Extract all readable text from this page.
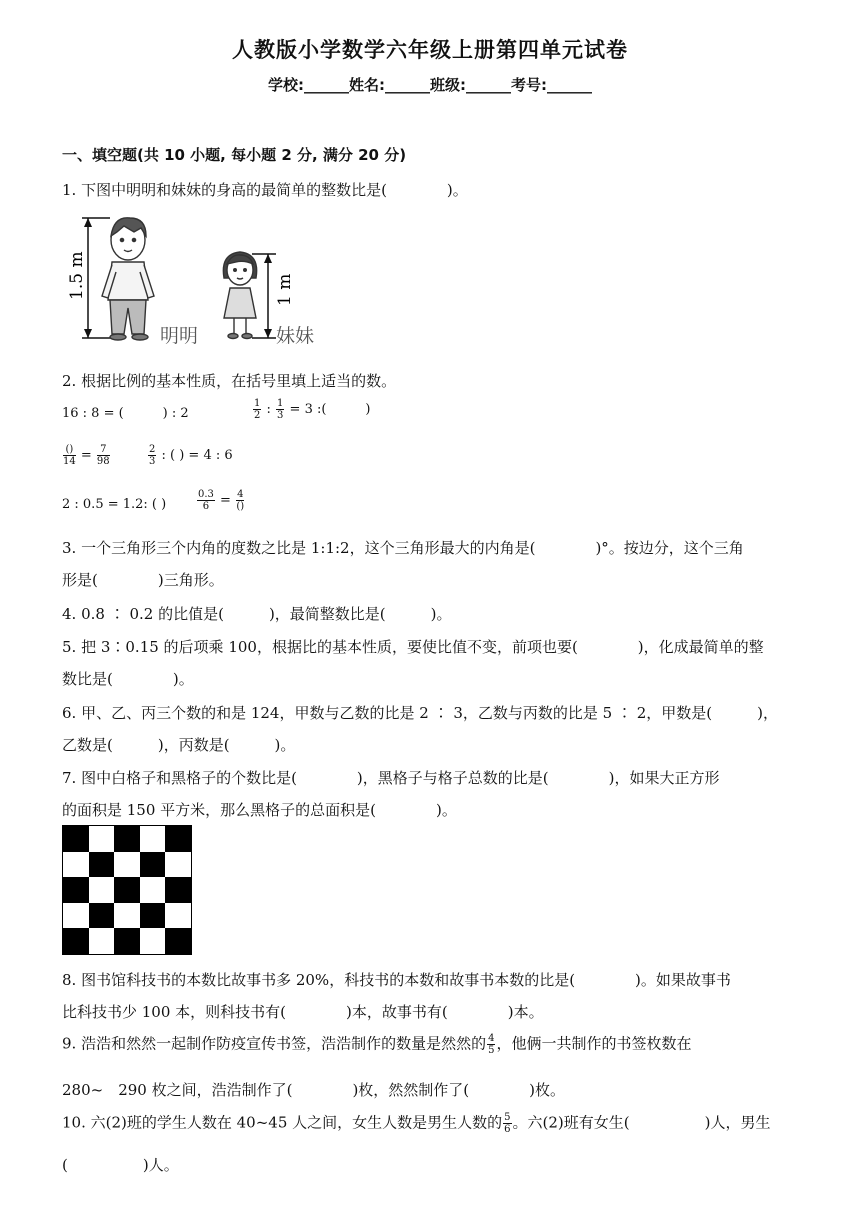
人教版小学数学六年级上册第四单元试卷
学校:______姓名:______班级:______考号:______
一、填空题(共 10 小题, 每小题 2 分, 满分 20 分)
1. 下图中明明和妹妹的身高的最简单的整数比是(　　　　)。
1.5 m
明明
1 m
妹妹
2. 根据比例的基本性质，在括号里填上适当的数。
16 : 8 = (　　　) : 2	$\frac{1}{2}$ : $\frac{1}{3} = 3$ :(　　　)
$\frac{()}{14} = \frac{7}{98}$	$\frac{2}{3}$ : ( ) = 4 : 6
2 : 0.5 = 1.2: ( )	$\frac{0.3}{6} = \frac{4}{()}$
3. 一个三角形三个内角的度数之比是 1:1:2，这个三角形最大的内角是(　　　　)°。按边分，这个三角
形是(　　　　)三角形。
4. 0.8 ∶ 0.2 的比值是(　　　)，最简整数比是(　　　)。
5. 把 3∶0.15 的后项乘 100，根据比的基本性质，要使比值不变，前项也要(　　　　)，化成最简单的整
数比是(　　　　)。
6. 甲、乙、丙三个数的和是 124，甲数与乙数的比是 2 ∶ 3，乙数与丙数的比是 5 ∶ 2，甲数是(　　　)，
乙数是(　　　)，丙数是(　　　)。
7. 图中白格子和黑格子的个数比是(　　　　)，黑格子与格子总数的比是(　　　　)，如果大正方形
的面积是 150 平方米，那么黑格子的总面积是(　　　　)。
8. 图书馆科技书的本数比故事书多 20%，科技书的本数和故事书本数的比是(　　　　)。如果故事书
比科技书少 100 本，则科技书有(　　　　)本，故事书有(　　　　)本。
9. 浩浩和然然一起制作防疫宣传书签，浩浩制作的数量是然然的 $\frac{4}{5}$ ，他俩一共制作的书签枚数在
280~　290 枚之间，浩浩制作了(　　　　)枚，然然制作了(　　　　)枚。
10. 六(2)班的学生人数在 40~45 人之间，女生人数是男生人数的 $\frac{5}{6}$ 。六(2)班有女生(　　　　　)人，男生
(　　　　　)人。
